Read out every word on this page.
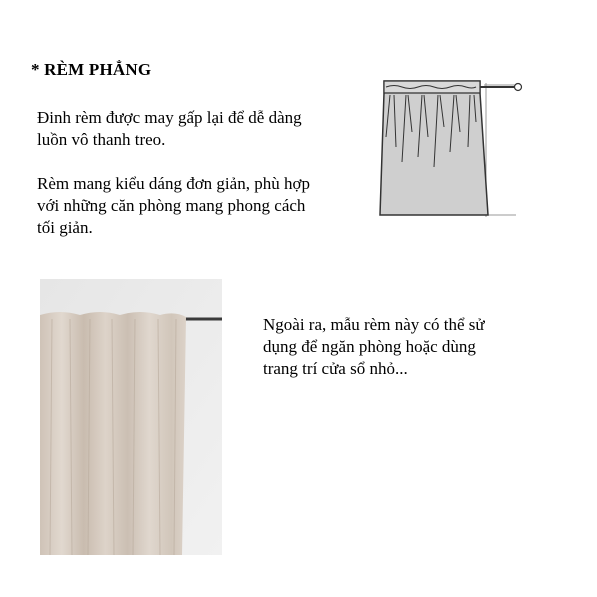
* RÈM PHẲNG
Đinh rèm được may gấp lại để dễ dàng
luồn vô thanh treo.
Rèm mang kiểu dáng đơn giản, phù hợp
với những căn phòng mang phong cách
tối giản.
Ngoài ra, mẫu rèm này có thể sử
dụng để ngăn phòng hoặc dùng
trang trí cửa sổ nhỏ...
